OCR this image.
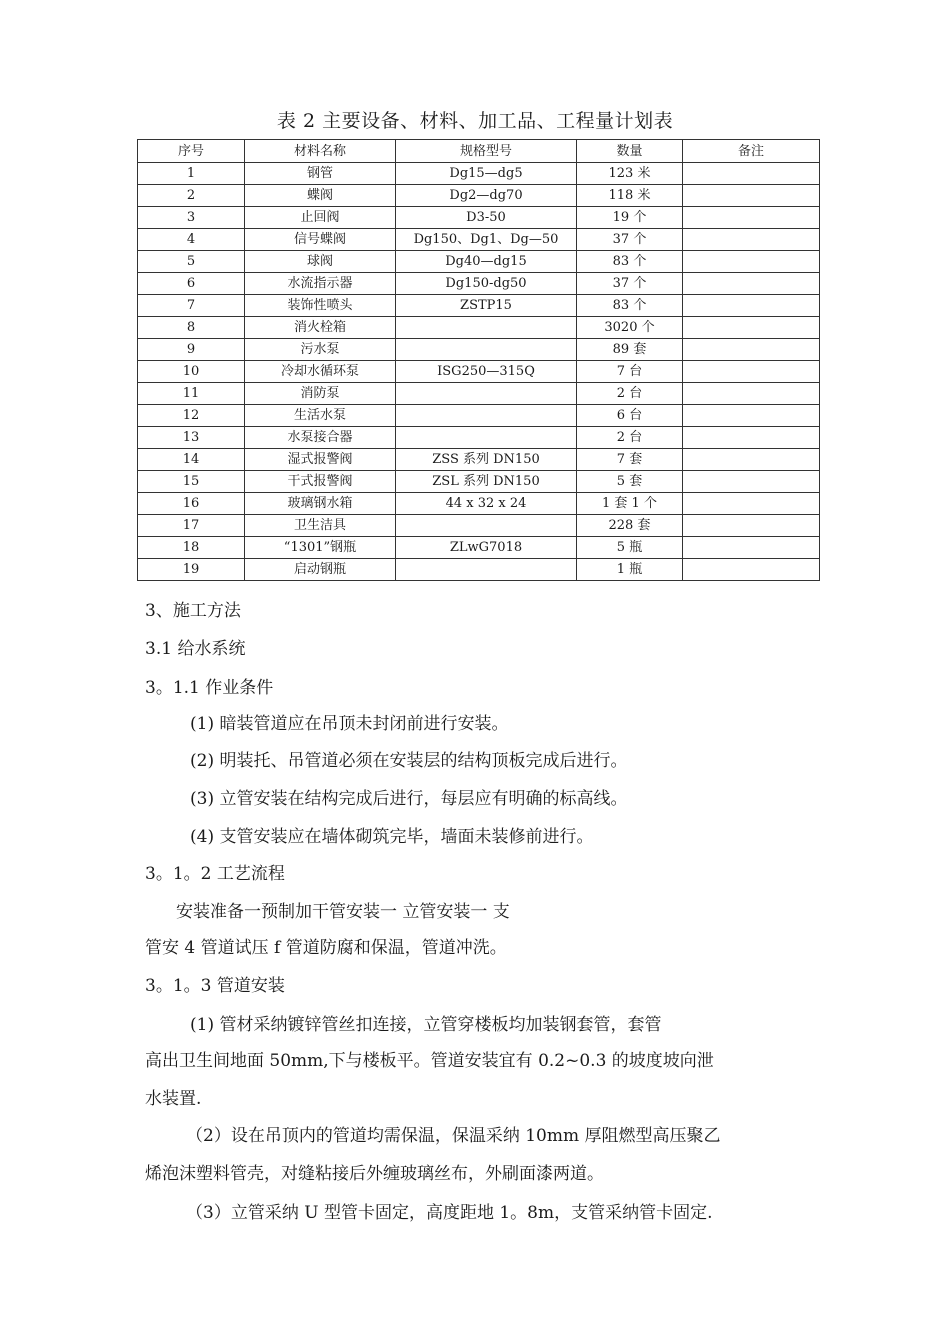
表 2 主要设备、材料、加工品、工程量计划表
序号	材料名称	规格型号	数量	备注
1	钢管	Dg15—dg5	123 米	
2	蝶阀	Dg2—dg70	118 米	
3	止回阀	D3-50	19 个	
4	信号蝶阀	Dg150、Dg1、Dg—50	37 个	
5	球阀	Dg40—dg15	83 个	
6	水流指示器	Dg150-dg50	37 个	
7	装饰性喷头	ZSTP15	83 个	
8	消火栓箱		3020 个	
9	污水泵		89 套	
10	冷却水循环泵	ISG250—315Q	7 台	
11	消防泵		2 台	
12	生活水泵		6 台	
13	水泵接合器		2 台	
14	湿式报警阀	ZSS 系列 DN150	7 套	
15	干式报警阀	ZSL 系列 DN150	5 套	
16	玻璃钢水箱	44 x 32 x 24	1 套 1 个	
17	卫生洁具		228 套	
18	“1301”钢瓶	ZLwG7018	5 瓶	
19	启动钢瓶		1 瓶	
3、施工方法
3.1 给水系统
3。1.1 作业条件
(1) 暗装管道应在吊顶未封闭前进行安装。
(2) 明装托、吊管道必须在安装层的结构顶板完成后进行。
(3) 立管安装在结构完成后进行，每层应有明确的标高线。
(4) 支管安装应在墙体砌筑完毕，墙面未装修前进行。
3。1。2 工艺流程
安装准备一预制加干管安装一 立管安装一 支
管安 4 管道试压 f 管道防腐和保温，管道冲洗。
3。1。3 管道安装
(1) 管材采纳镀锌管丝扣连接，立管穿楼板均加装钢套管，套管
高出卫生间地面 50mm,下与楼板平。管道安装宜有 0.2~0.3 的坡度坡向泄
水装置.
（2）设在吊顶内的管道均需保温，保温采纳 10mm 厚阻燃型高压聚乙
烯泡沫塑料管壳，对缝粘接后外缠玻璃丝布，外刷面漆两道。
（3）立管采纳 U 型管卡固定，高度距地 1。8m，支管采纳管卡固定.
